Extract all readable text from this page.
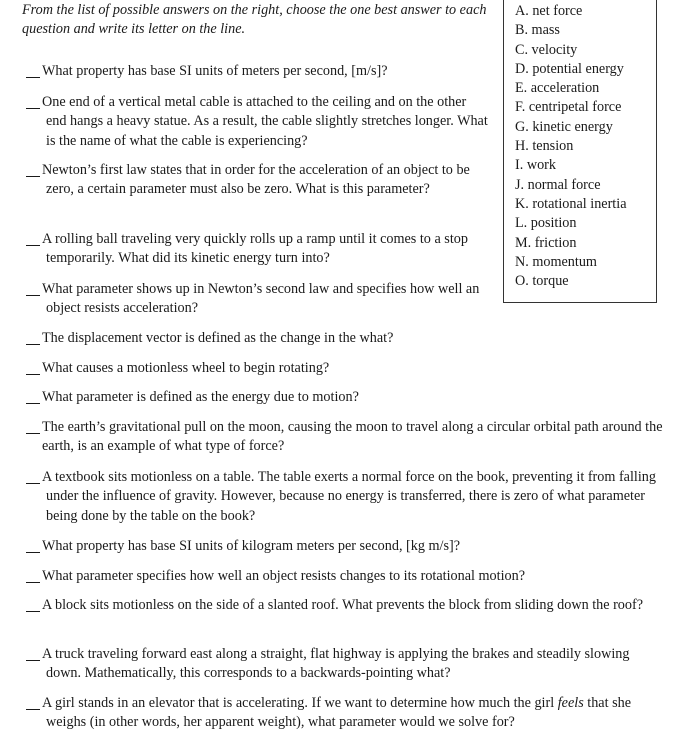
From the list of possible answers on the right, choose the one best answer to each question and write its letter on the line.
A. net force
B. mass
C. velocity
D. potential energy
E. acceleration
F. centripetal force
G. kinetic energy
H. tension
I. work
J. normal force
K. rotational inertia
L. position
M. friction
N. momentum
O. torque
What property has base SI units of meters per second, [m/s]?
One end of a vertical metal cable is attached to the ceiling and on the other end hangs a heavy statue. As a result, the cable slightly stretches longer. What is the name of what the cable is experiencing?
Newton’s first law states that in order for the acceleration of an object to be zero, a certain parameter must also be zero. What is this parameter?
A rolling ball traveling very quickly rolls up a ramp until it comes to a stop temporarily. What did its kinetic energy turn into?
What parameter shows up in Newton’s second law and specifies how well an object resists acceleration?
The displacement vector is defined as the change in the what?
What causes a motionless wheel to begin rotating?
What parameter is defined as the energy due to motion?
The earth’s gravitational pull on the moon, causing the moon to travel along a circular orbital path around the earth, is an example of what type of force?
A textbook sits motionless on a table. The table exerts a normal force on the book, preventing it from falling under the influence of gravity. However, because no energy is transferred, there is zero of what parameter being done by the table on the book?
What property has base SI units of kilogram meters per second, [kg m/s]?
What parameter specifies how well an object resists changes to its rotational motion?
A block sits motionless on the side of a slanted roof. What prevents the block from sliding down the roof?
A truck traveling forward east along a straight, flat highway is applying the brakes and steadily slowing down. Mathematically, this corresponds to a backwards-pointing what?
A girl stands in an elevator that is accelerating. If we want to determine how much the girl feels that she weighs (in other words, her apparent weight), what parameter would we solve for?
